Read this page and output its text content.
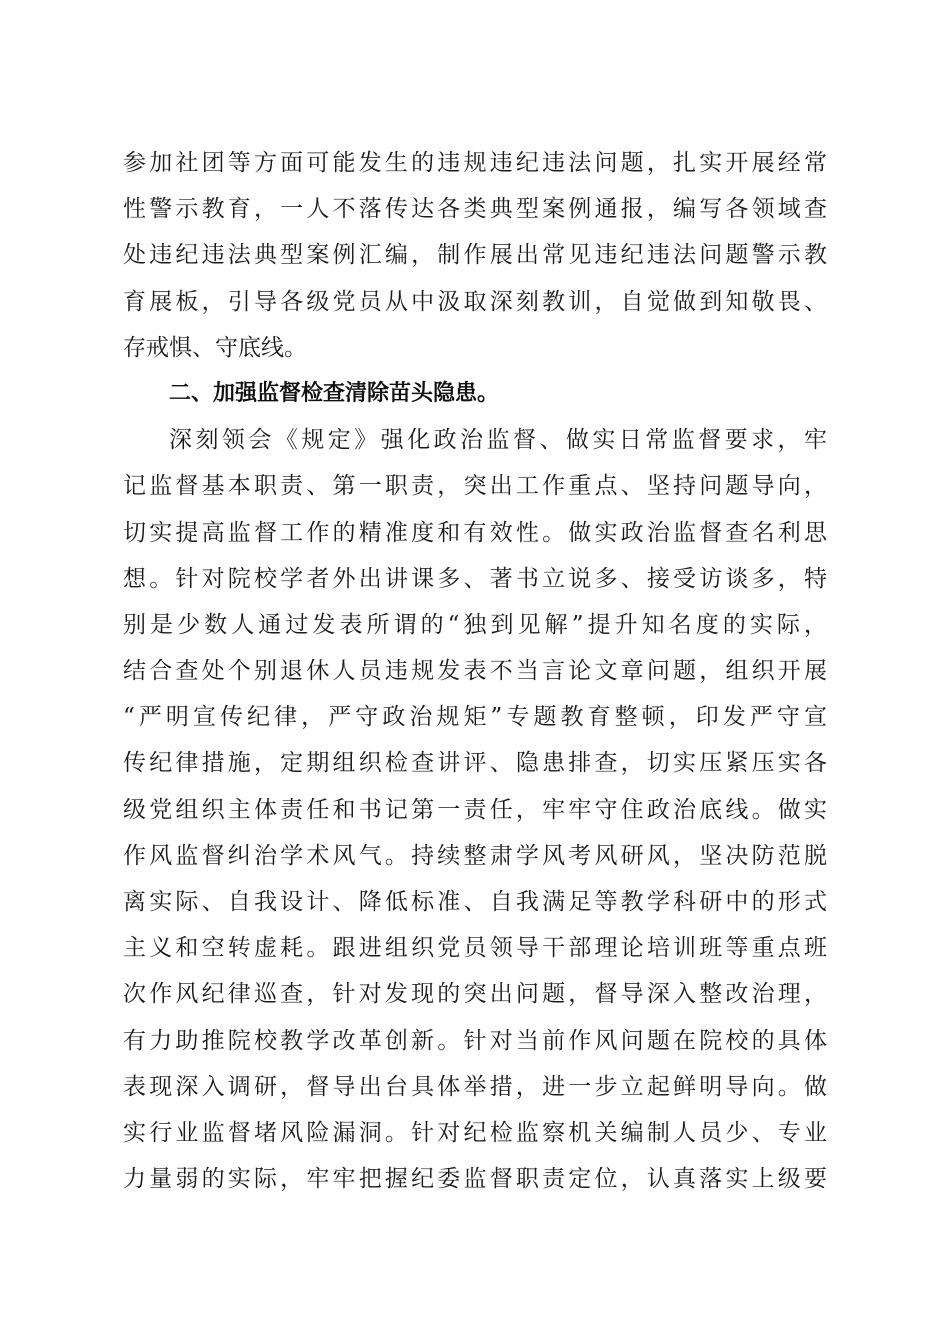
参加社团等方面可能发生的违规违纪违法问题，扎实开展经常
性警示教育，一人不落传达各类典型案例通报，编写各领域查
处违纪违法典型案例汇编，制作展出常见违纪违法问题警示教
育展板，引导各级党员从中汲取深刻教训，自觉做到知敬畏、
存戒惧、守底线。
二、加强监督检查清除苗头隐患。
深刻领会《规定》强化政治监督、做实日常监督要求，牢
记监督基本职责、第一职责，突出工作重点、坚持问题导向，
切实提高监督工作的精准度和有效性。做实政治监督查名利思
想。针对院校学者外出讲课多、著书立说多、接受访谈多，特
别是少数人通过发表所谓的“独到见解”提升知名度的实际，
结合查处个别退休人员违规发表不当言论文章问题，组织开展
“严明宣传纪律，严守政治规矩”专题教育整顿，印发严守宣
传纪律措施，定期组织检查讲评、隐患排查，切实压紧压实各
级党组织主体责任和书记第一责任，牢牢守住政治底线。做实
作风监督纠治学术风气。持续整肃学风考风研风，坚决防范脱
离实际、自我设计、降低标准、自我满足等教学科研中的形式
主义和空转虚耗。跟进组织党员领导干部理论培训班等重点班
次作风纪律巡查，针对发现的突出问题，督导深入整改治理，
有力助推院校教学改革创新。针对当前作风问题在院校的具体
表现深入调研，督导出台具体举措，进一步立起鲜明导向。做
实行业监督堵风险漏洞。针对纪检监察机关编制人员少、专业
力量弱的实际，牢牢把握纪委监督职责定位，认真落实上级要
